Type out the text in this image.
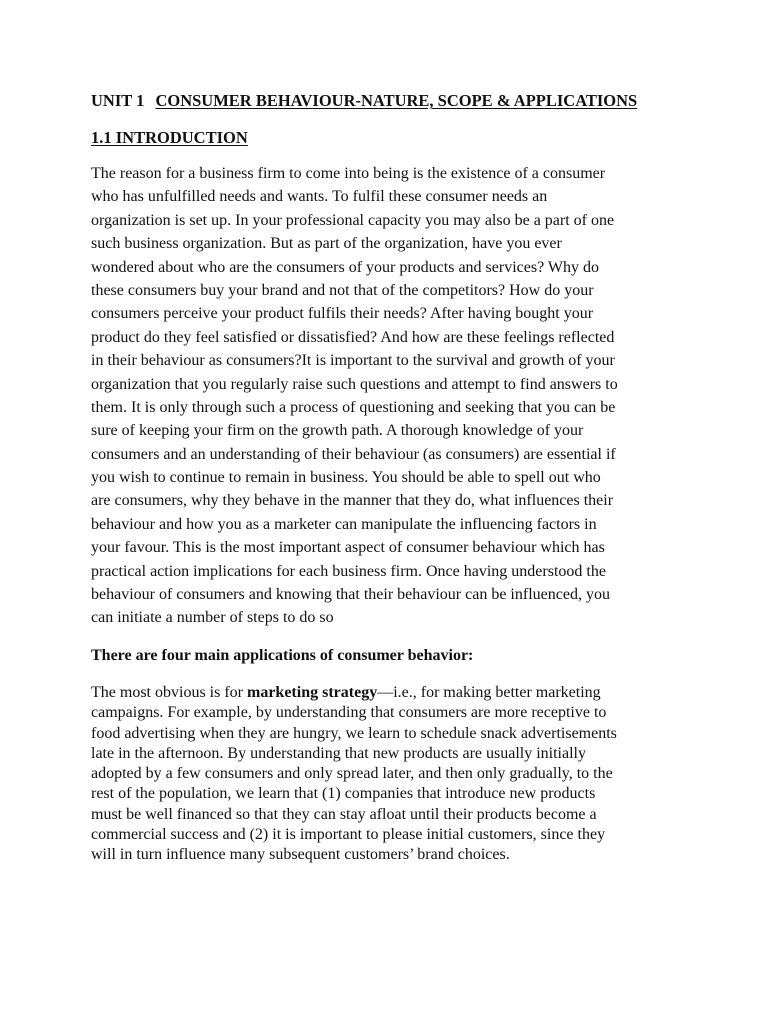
UNIT 1 CONSUMER BEHAVIOUR-NATURE, SCOPE & APPLICATIONS
1.1 INTRODUCTION
The reason for a business firm to come into being is the existence of a consumer
who has unfulfilled needs and wants. To fulfil these consumer needs an
organization is set up. In your professional capacity you may also be a part of one
such business organization. But as part of the organization, have you ever
wondered about who are the consumers of your products and services? Why do
these consumers buy your brand and not that of the competitors? How do your
consumers perceive your product fulfils their needs? After having bought your
product do they feel satisfied or dissatisfied? And how are these feelings reflected
in their behaviour as consumers?It is important to the survival and growth of your
organization that you regularly raise such questions and attempt to find answers to
them. It is only through such a process of questioning and seeking that you can be
sure of keeping your firm on the growth path. A thorough knowledge of your
consumers and an understanding of their behaviour (as consumers) are essential if
you wish to continue to remain in business. You should be able to spell out who
are consumers, why they behave in the manner that they do, what influences their
behaviour and how you as a marketer can manipulate the influencing factors in
your favour. This is the most important aspect of consumer behaviour which has
practical action implications for each business firm. Once having understood the
behaviour of consumers and knowing that their behaviour can be influenced, you
can initiate a number of steps to do so
There are four main applications of consumer behavior:
The most obvious is for marketing strategy—i.e., for making better marketing
campaigns. For example, by understanding that consumers are more receptive to
food advertising when they are hungry, we learn to schedule snack advertisements
late in the afternoon. By understanding that new products are usually initially
adopted by a few consumers and only spread later, and then only gradually, to the
rest of the population, we learn that (1) companies that introduce new products
must be well financed so that they can stay afloat until their products become a
commercial success and (2) it is important to please initial customers, since they
will in turn influence many subsequent customers’ brand choices.
